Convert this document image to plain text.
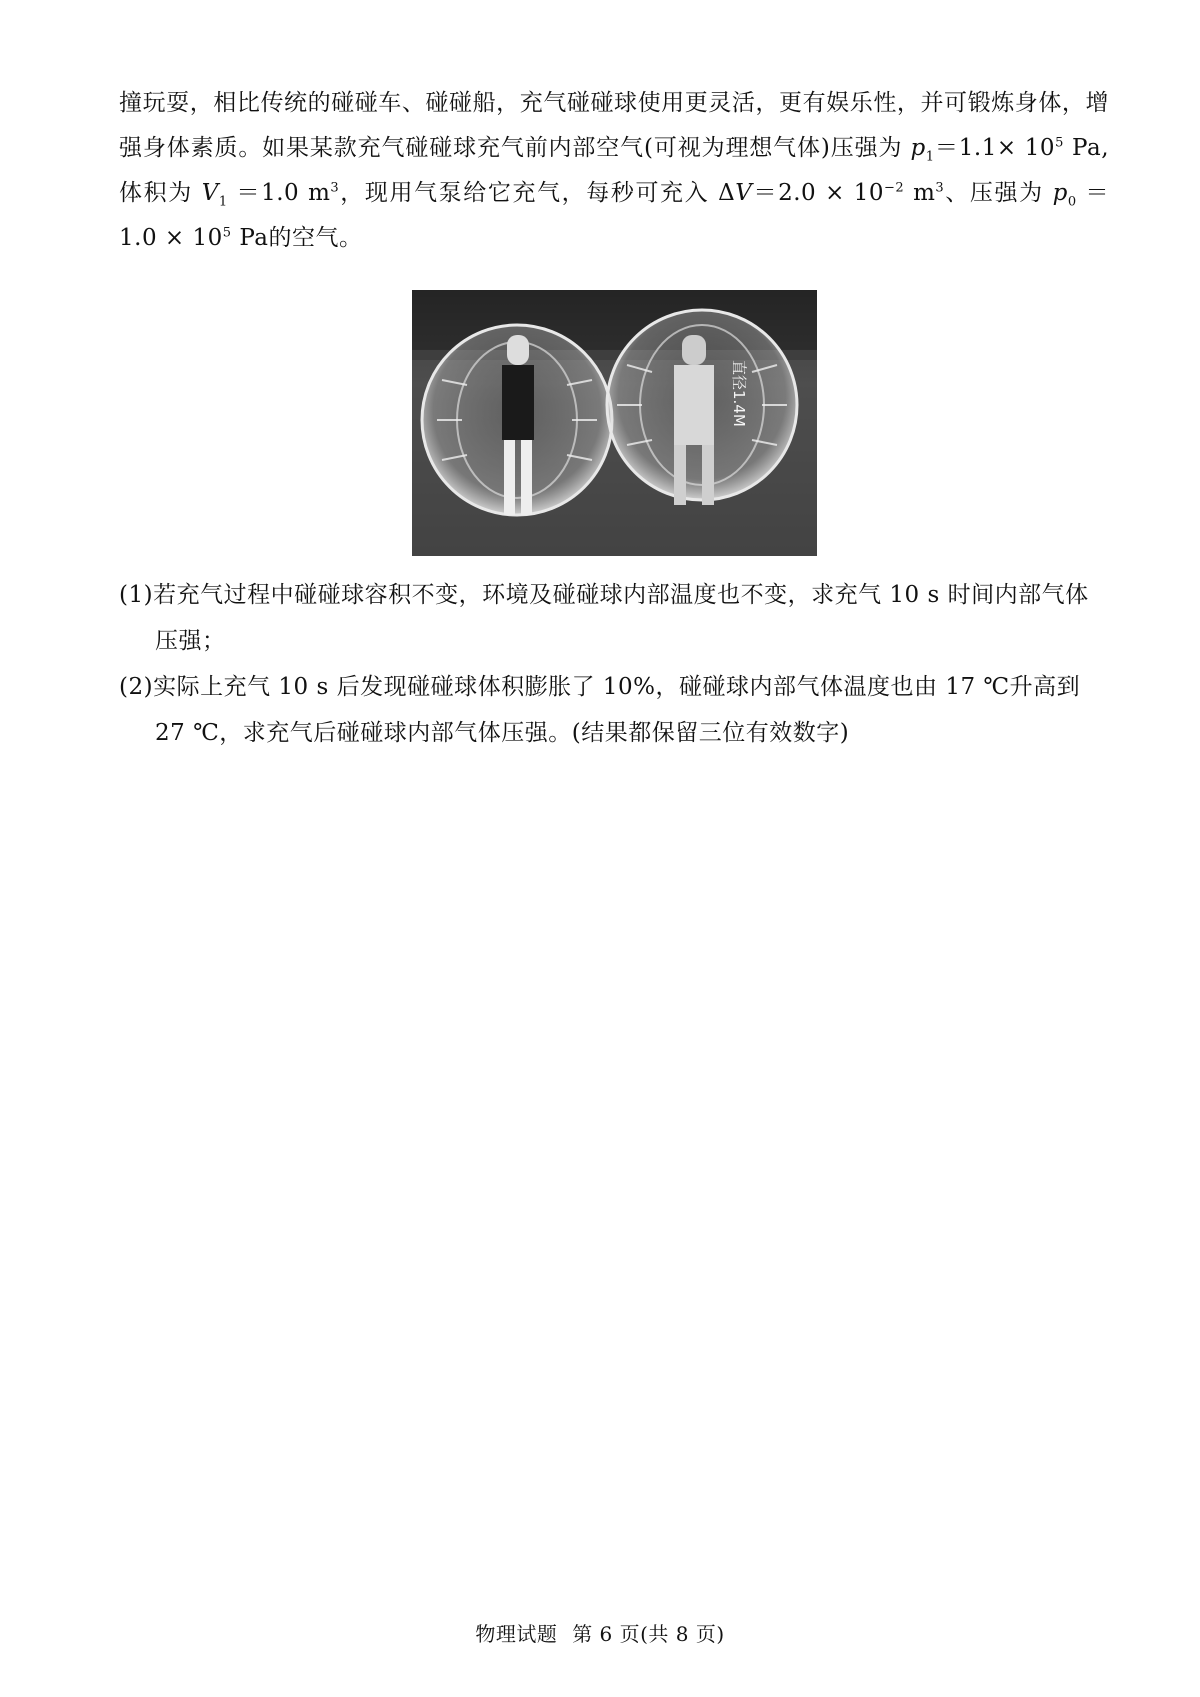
撞玩耍，相比传统的碰碰车、碰碰船，充气碰碰球使用更灵活，更有娱乐性，并可锻炼身体，增
强身体素质。如果某款充气碰碰球充气前内部空气(可视为理想气体)压强为 $p_1=1.1\times 10^5$ Pa,
体积为 $V_1 =1.0$ $m^3$，现用气泵给它充气，每秒可充入 $\Delta V=2.0 \times 10^{-2}$ $m^3$、压强为 $p_0$ ＝
$1.0 \times 10^5$ Pa的空气。
直径1.4M
(1)若充气过程中碰碰球容积不变，环境及碰碰球内部温度也不变，求充气 10 s 时间内部气体
压强；
(2)实际上充气 10 s 后发现碰碰球体积膨胀了 10%，碰碰球内部气体温度也由 17 ℃升高到
27 ℃，求充气后碰碰球内部气体压强。(结果都保留三位有效数字)
物理试题 第 6 页(共 8 页)
